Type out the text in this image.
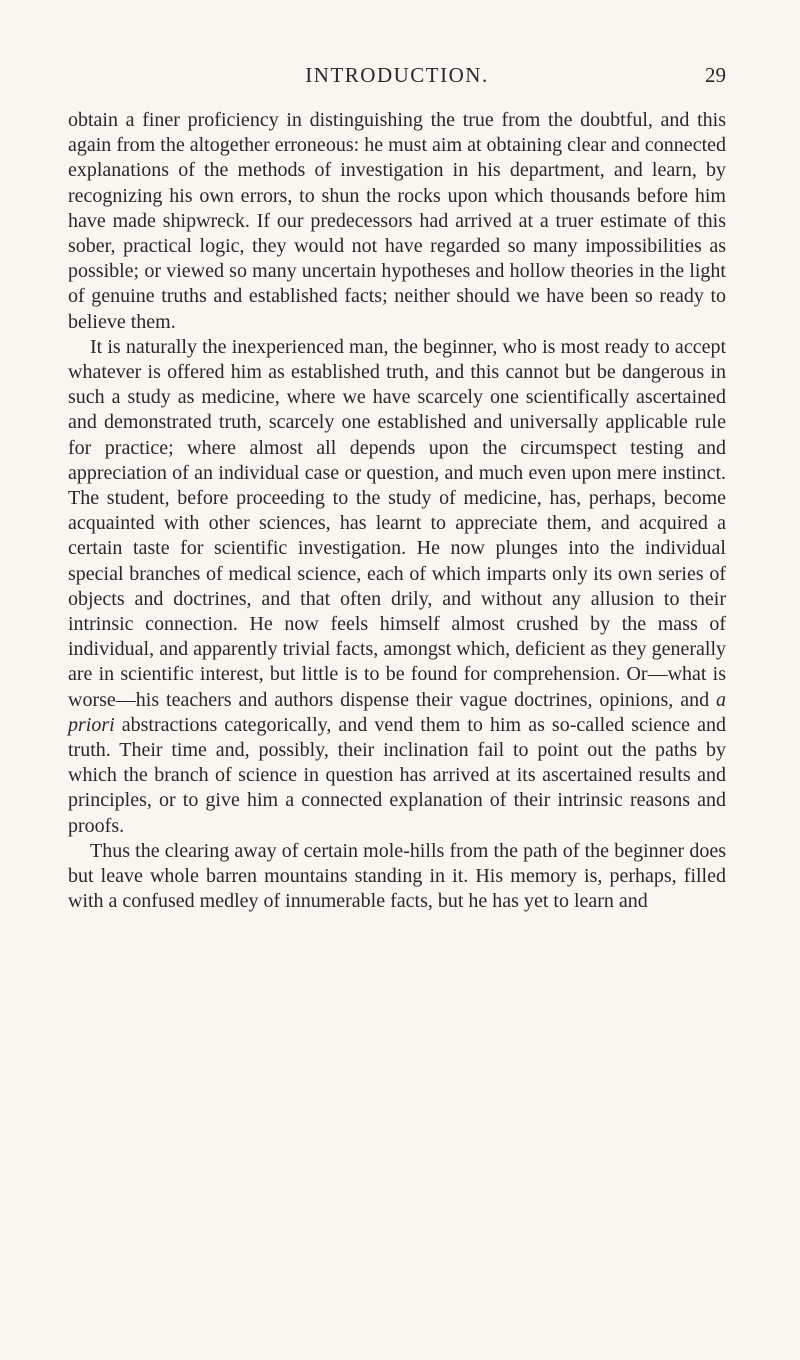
INTRODUCTION.	29

obtain a finer proficiency in distinguishing the true from the doubtful, and this again from the altogether erroneous: he must aim at obtaining clear and connected explanations of the methods of investigation in his department, and learn, by recognizing his own errors, to shun the rocks upon which thousands before him have made shipwreck. If our predecessors had arrived at a truer estimate of this sober, practical logic, they would not have regarded so many impossibilities as possible; or viewed so many uncertain hypotheses and hollow theories in the light of genuine truths and established facts; neither should we have been so ready to believe them.

It is naturally the inexperienced man, the beginner, who is most ready to accept whatever is offered him as established truth, and this cannot but be dangerous in such a study as medicine, where we have scarcely one scientifically ascertained and demonstrated truth, scarcely one established and universally applicable rule for practice; where almost all depends upon the circumspect testing and appreciation of an individual case or question, and much even upon mere instinct. The student, before proceeding to the study of medicine, has, perhaps, become acquainted with other sciences, has learnt to appreciate them, and acquired a certain taste for scientific investigation. He now plunges into the individual special branches of medical science, each of which imparts only its own series of objects and doctrines, and that often drily, and without any allusion to their intrinsic connection. He now feels himself almost crushed by the mass of individual, and apparently trivial facts, amongst which, deficient as they generally are in scientific interest, but little is to be found for comprehension. Or—what is worse—his teachers and authors dispense their vague doctrines, opinions, and a priori abstractions categorically, and vend them to him as so-called science and truth. Their time and, possibly, their inclination fail to point out the paths by which the branch of science in question has arrived at its ascertained results and principles, or to give him a connected explanation of their intrinsic reasons and proofs.

Thus the clearing away of certain mole-hills from the path of the beginner does but leave whole barren mountains standing in it. His memory is, perhaps, filled with a confused medley of innumerable facts, but he has yet to learn and
